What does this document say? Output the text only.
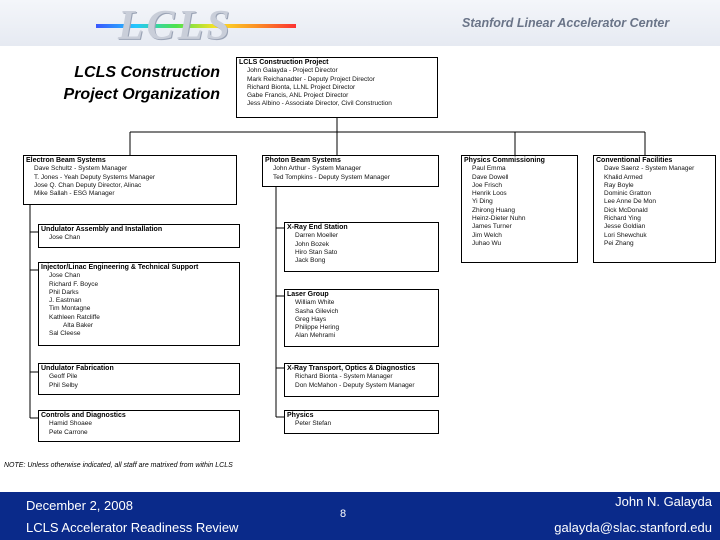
LCLS	Stanford Linear Accelerator Center
LCLS Construction
Project Organization
LCLS Construction Project
John Galayda - Project Director
Mark Reichanadter - Deputy Project Director
Richard Bionta, LLNL Project Director
Gabe Francis, ANL Project Director
Jess Albino - Associate Director, Civil Construction
Electron Beam Systems
Dave Schultz - System Manager
T. Jones - Yeah Deputy Systems Manager
Jose Q. Chan Deputy Director, Alinac
Mike Sallah - ESG Manager
Undulator Assembly and Installation
Jose Chan
Injector/Linac Engineering & Technical Support
Jose Chan
Richard F. Boyce
Phil Darks
J. Eastman
Tim Montagne
Kathleen Ratcliffe
Alta Baker
Sal Cleese
Undulator Fabrication
Geoff Pile
Phil Selby
Controls and Diagnostics
Hamid Shoaee
Pete Carrone
Photon Beam Systems
John Arthur - System Manager
Ted Tompkins - Deputy System Manager
X-Ray End Station
Darren Moeller
John Bozek
Hiro Stan Sato
Jack Bong
Laser Group
William White
Sasha Gilevich
Greg Hays
Philippe Hering
Alan Mehrami
X-Ray Transport, Optics & Diagnostics
Richard Bionta - System Manager
Don McMahon - Deputy System Manager
Physics
Peter Stefan
Physics Commissioning
Paul Emma
Dave Dowell
Joe Frisch
Henrik Loos
Yi Ding
Zhirong Huang
Heinz-Dieter Nuhn
James Turner
Jim Welch
Juhao Wu
Conventional Facilities
Dave Saenz - System Manager
Khalid Armed
Ray Boyle
Dominic Gratton
Lee Anne De Mon
Dick McDonald
Richard Ying
Jesse Goldian
Lori Shewchuk
Pei Zhang
NOTE: Unless otherwise indicated, all staff are matrixed from within LCLS
December 2, 2008
LCLS Accelerator Readiness Review
8
John N. Galayda
galayda@slac.stanford.edu
